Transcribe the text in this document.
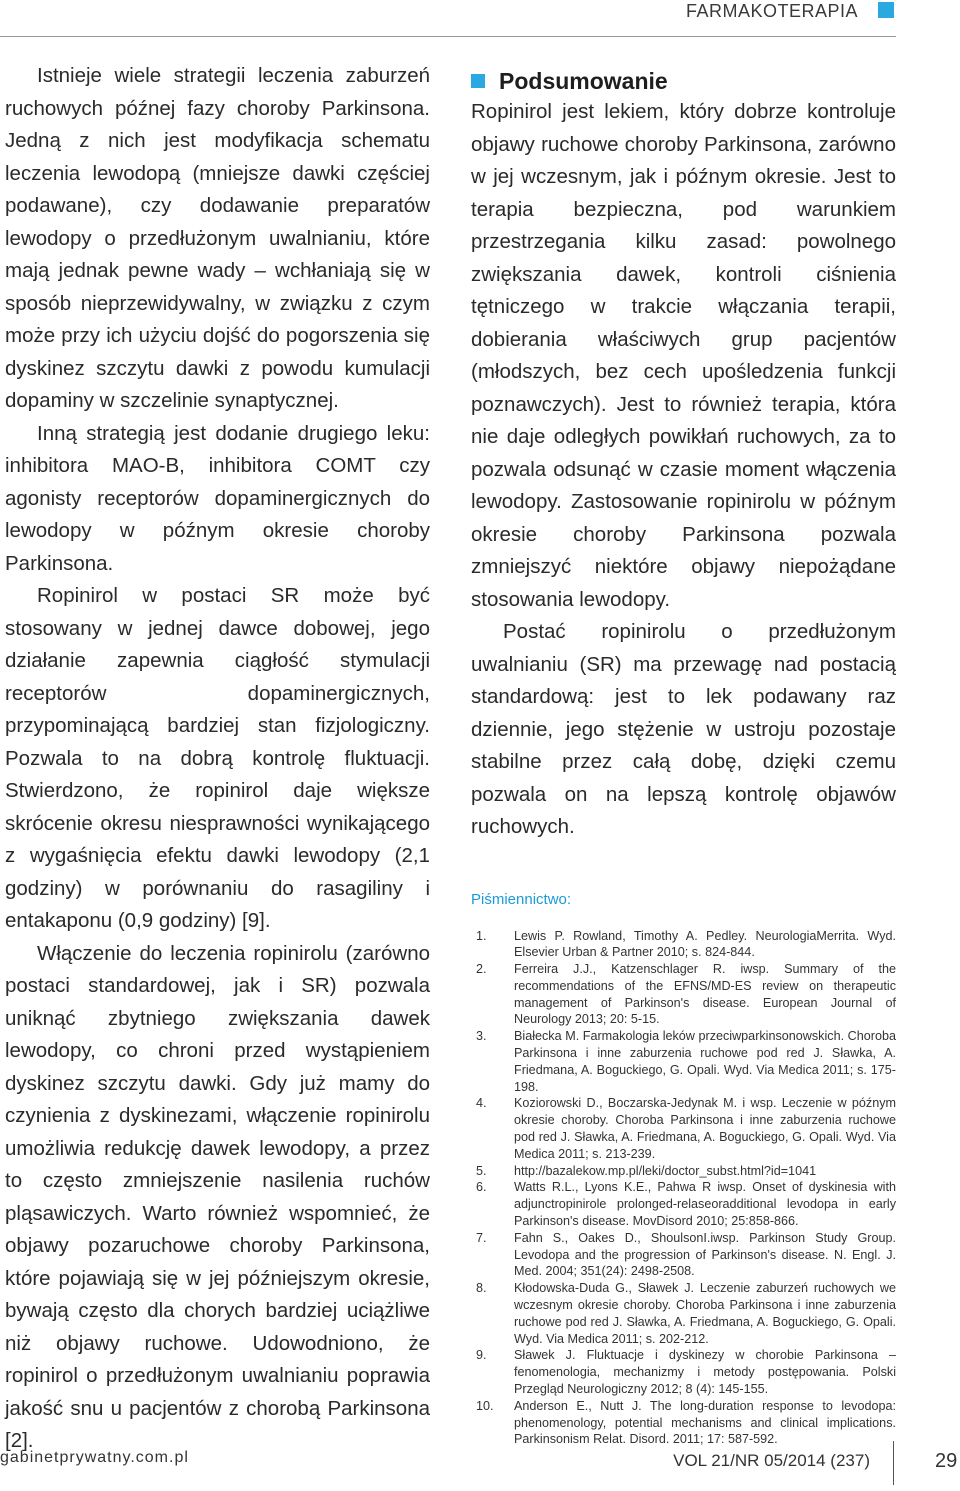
FARMAKOTERAPIA

Istnieje wiele strategii leczenia zaburzeń ruchowych późnej fazy choroby Parkinsona. Jedną z nich jest modyfikacja schematu leczenia lewodopą (mniejsze dawki częściej podawane), czy dodawanie preparatów lewodopy o przedłużonym uwalnianiu, które mają jednak pewne wady – wchłaniają się w sposób nieprzewidywalny, w związku z czym może przy ich użyciu dojść do pogorszenia się dyskinez szczytu dawki z powodu kumulacji dopaminy w szczelinie synaptycznej.

Inną strategią jest dodanie drugiego leku: inhibitora MAO-B, inhibitora COMT czy agonisty receptorów dopaminergicznych do lewodopy w późnym okresie choroby Parkinsona.

Ropinirol w postaci SR może być stosowany w jednej dawce dobowej, jego działanie zapewnia ciągłość stymulacji receptorów dopaminergicznych, przypominającą bardziej stan fizjologiczny. Pozwala to na dobrą kontrolę fluktuacji. Stwierdzono, że ropinirol daje większe skrócenie okresu niesprawności wynikającego z wygaśnięcia efektu dawki lewodopy (2,1 godziny) w porównaniu do rasagiliny i entakaponu (0,9 godziny) [9].

Włączenie do leczenia ropinirolu (zarówno postaci standardowej, jak i SR) pozwala uniknąć zbytniego zwiększania dawek lewodopy, co chroni przed wystąpieniem dyskinez szczytu dawki. Gdy już mamy do czynienia z dyskinezami, włączenie ropinirolu umożliwia redukcję dawek lewodopy, a przez to często zmniejszenie nasilenia ruchów pląsawiczych. Warto również wspomnieć, że objawy pozaruchowe choroby Parkinsona, które pojawiają się w jej późniejszym okresie, bywają często dla chorych bardziej uciążliwe niż objawy ruchowe. Udowodniono, że ropinirol o przedłużonym uwalnianiu poprawia jakość snu u pacjentów z chorobą Parkinsona [2].

Podsumowanie

Ropinirol jest lekiem, który dobrze kontroluje objawy ruchowe choroby Parkinsona, zarówno w jej wczesnym, jak i późnym okresie. Jest to terapia bezpieczna, pod warunkiem przestrzegania kilku zasad: powolnego zwiększania dawek, kontroli ciśnienia tętniczego w trakcie włączania terapii, dobierania właściwych grup pacjentów (młodszych, bez cech upośledzenia funkcji poznawczych). Jest to również terapia, która nie daje odległych powikłań ruchowych, za to pozwala odsunąć w czasie moment włączenia lewodopy. Zastosowanie ropinirolu w późnym okresie choroby Parkinsona pozwala zmniejszyć niektóre objawy niepożądane stosowania lewodopy.

Postać ropinirolu o przedłużonym uwalnianiu (SR) ma przewagę nad postacią standardową: jest to lek podawany raz dziennie, jego stężenie w ustroju pozostaje stabilne przez całą dobę, dzięki czemu pozwala on na lepszą kontrolę objawów ruchowych.

Piśmiennictwo:
1.	Lewis P. Rowland, Timothy A. Pedley. NeurologiaMerrita. Wyd. Elsevier Urban & Partner 2010; s. 824-844.
2.	Ferreira J.J., Katzenschlager R. iwsp. Summary of the recommendations of the EFNS/MD-ES review on therapeutic management of Parkinson's disease. European Journal of Neurology 2013; 20: 5-15.
3.	Białecka M. Farmakologia leków przeciwparkinsonowskich. Choroba Parkinsona i inne zaburzenia ruchowe pod red J. Sławka, A. Friedmana, A. Boguckiego, G. Opali. Wyd. Via Medica 2011; s. 175-198.
4.	Koziorowski D., Boczarska-Jedynak M. i wsp. Leczenie w późnym okresie choroby. Choroba Parkinsona i inne zaburzenia ruchowe pod red J. Sławka, A. Friedmana, A. Boguckiego, G. Opali. Wyd. Via Medica 2011; s. 213-239.
5.	http://bazalekow.mp.pl/leki/doctor_subst.html?id=1041
6.	Watts R.L., Lyons K.E., Pahwa R iwsp. Onset of dyskinesia with adjunctropinirole prolonged-relaseoradditional levodopa in early Parkinson's disease. MovDisord 2010; 25:858-866.
7.	Fahn S., Oakes D., ShoulsonI.iwsp. Parkinson Study Group. Levodopa and the progression of Parkinson's disease. N. Engl. J. Med. 2004; 351(24): 2498-2508.
8.	Kłodowska-Duda G., Sławek J. Leczenie zaburzeń ruchowych we wczesnym okresie choroby. Choroba Parkinsona i inne zaburzenia ruchowe pod red J. Sławka, A. Friedmana, A. Boguckiego, G. Opali. Wyd. Via Medica 2011; s. 202-212.
9.	Sławek J. Fluktuacje i dyskinezy w chorobie Parkinsona – fenomenologia, mechanizmy i metody postępowania. Polski Przegląd Neurologiczny 2012; 8 (4): 145-155.
10.	Anderson E., Nutt J. The long-duration response to levodopa: phenomenology, potential mechanisms and clinical implications. Parkinsonism Relat. Disord. 2011; 17: 587-592.
gabinetprywatny.com.pl	VOL 21/NR 05/2014 (237)	29
